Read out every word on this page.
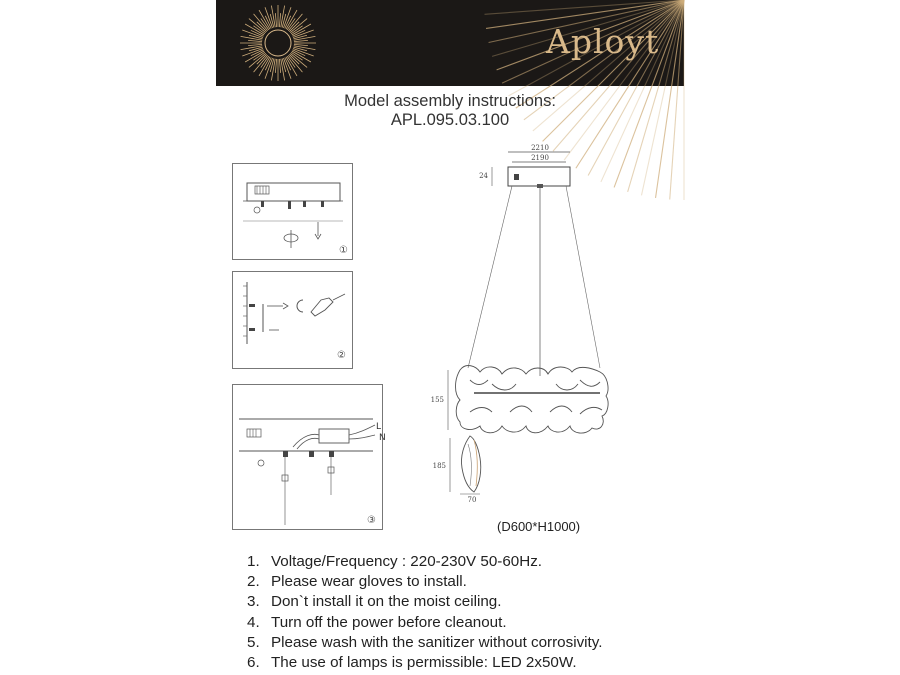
Aployt
Model assembly instructions:
APL.095.03.100
①
②
L
N
③
2210
2190
24
155
185
70
(D600*H1000)
1. Voltage/Frequency : 220-230V 50-60Hz.
2. Please wear gloves to install.
3. Don`t install it on the moist ceiling.
4. Turn off the power before cleanout.
5. Please wash with the sanitizer without corrosivity.
6. The use of lamps is permissible: LED 2x50W.
